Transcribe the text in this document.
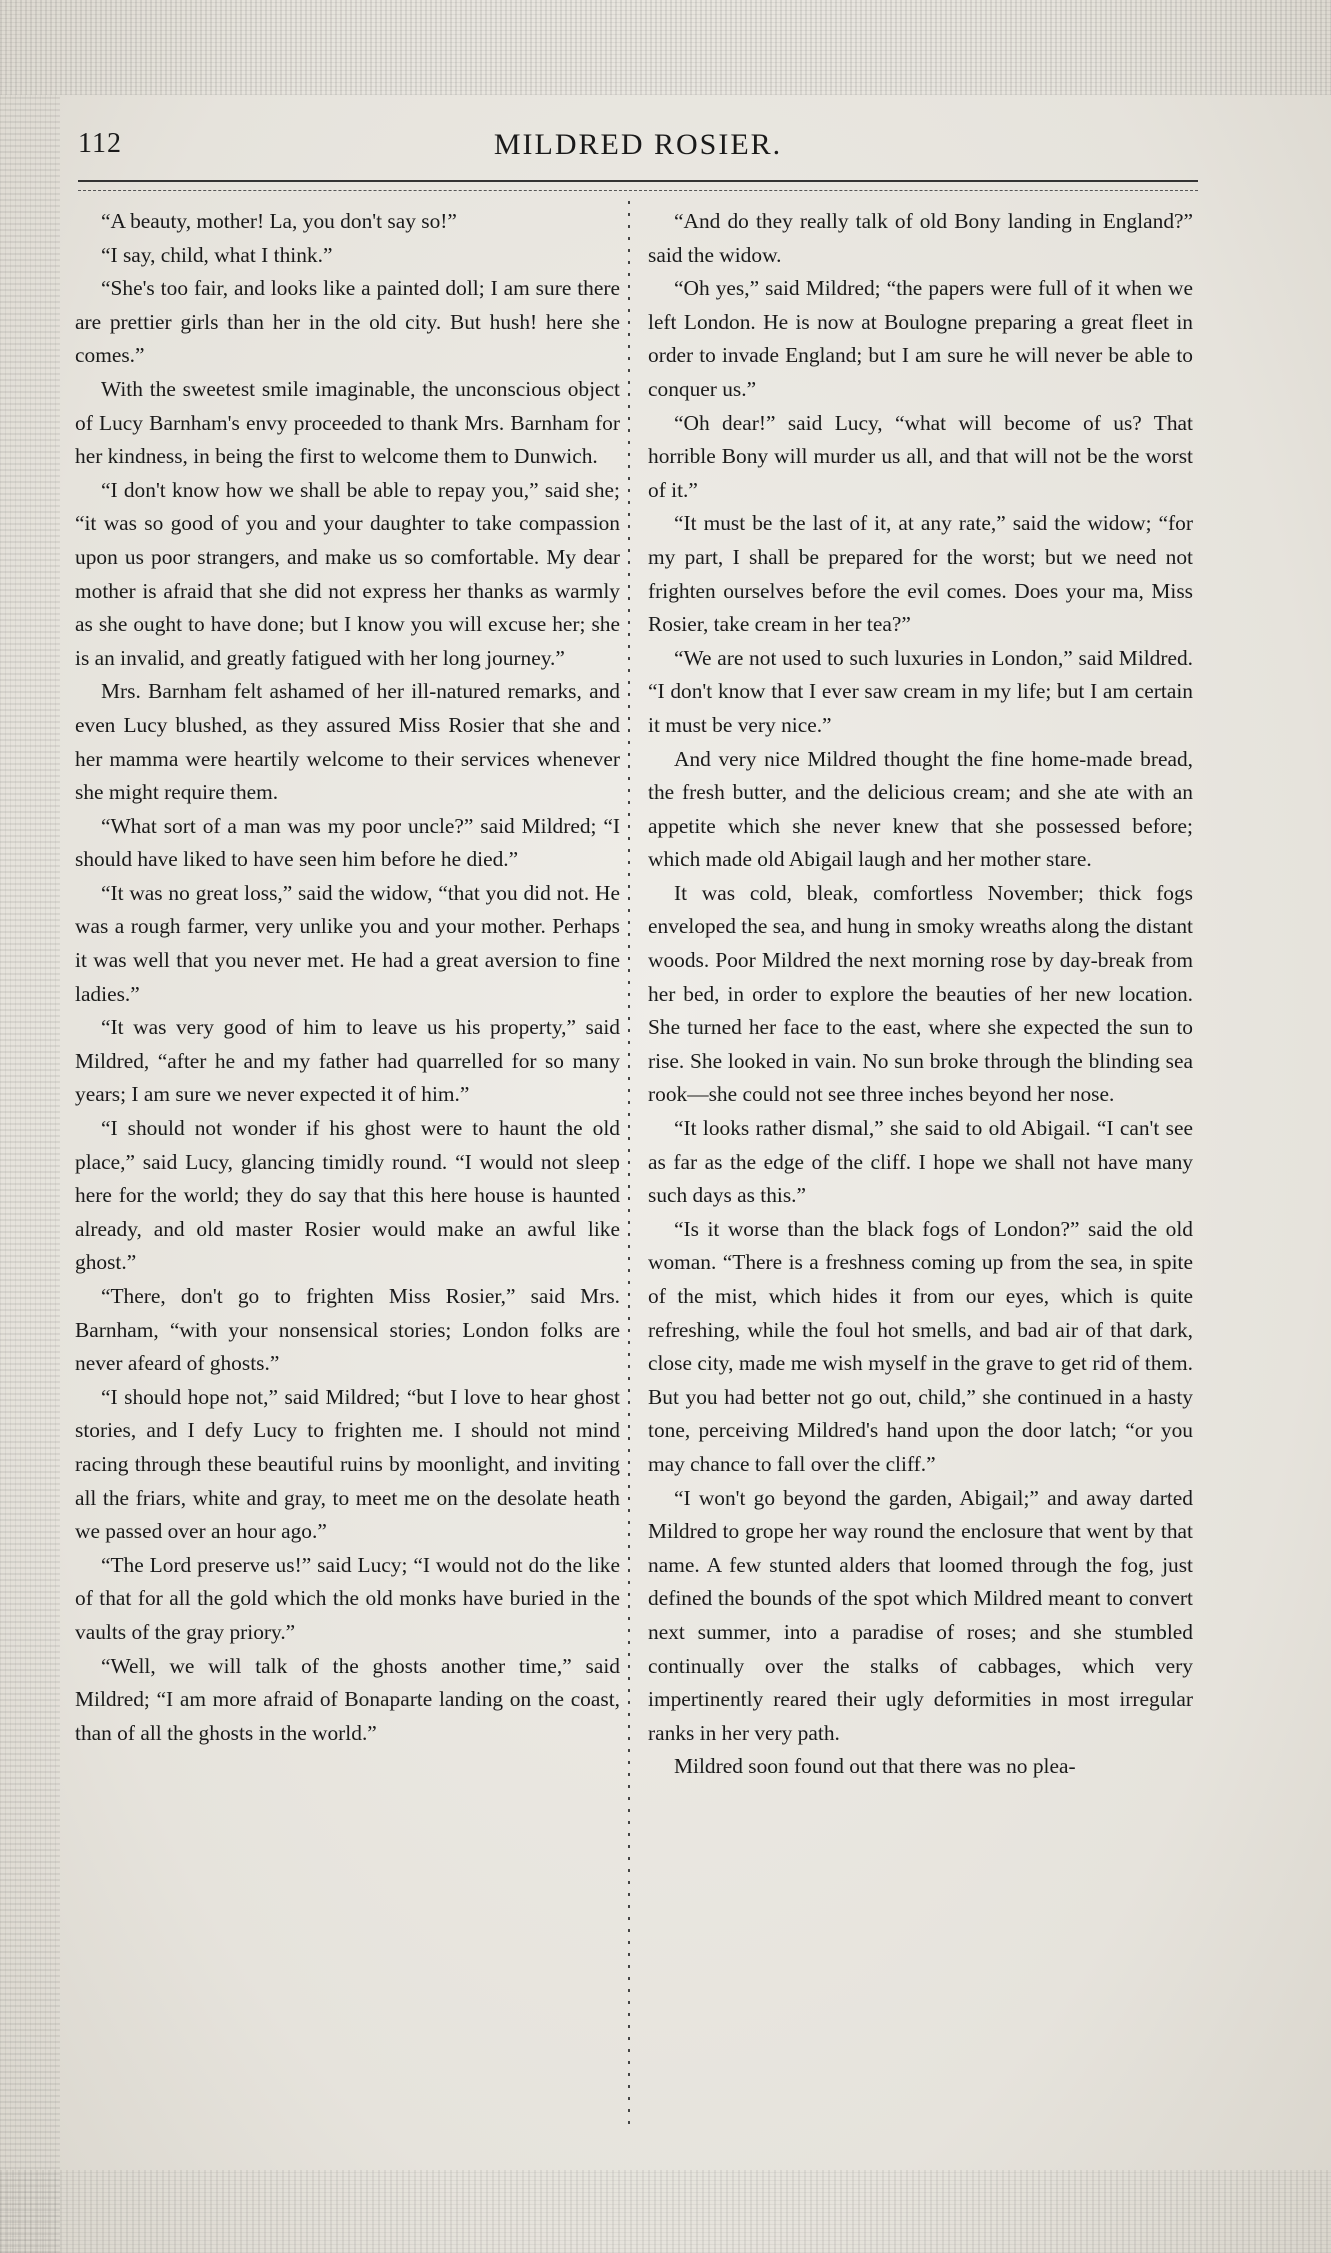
MILDRED ROSIER.
112

“A beauty, mother! La, you don't say so!”

“I say, child, what I think.”

“She's too fair, and looks like a painted doll; I am sure there are prettier girls than her in the old city. But hush! here she comes.”

With the sweetest smile imaginable, the unconscious object of Lucy Barnham's envy proceeded to thank Mrs. Barnham for her kindness, in being the first to welcome them to Dunwich.

“I don't know how we shall be able to repay you,” said she; “it was so good of you and your daughter to take compassion upon us poor strangers, and make us so comfortable. My dear mother is afraid that she did not express her thanks as warmly as she ought to have done; but I know you will excuse her; she is an invalid, and greatly fatigued with her long journey.”

Mrs. Barnham felt ashamed of her ill-natured remarks, and even Lucy blushed, as they assured Miss Rosier that she and her mamma were heartily welcome to their services whenever she might require them.

“What sort of a man was my poor uncle?” said Mildred; “I should have liked to have seen him before he died.”

“It was no great loss,” said the widow, “that you did not. He was a rough farmer, very unlike you and your mother. Perhaps it was well that you never met. He had a great aversion to fine ladies.”

“It was very good of him to leave us his property,” said Mildred, “after he and my father had quarrelled for so many years; I am sure we never expected it of him.”

“I should not wonder if his ghost were to haunt the old place,” said Lucy, glancing timidly round. “I would not sleep here for the world; they do say that this here house is haunted already, and old master Rosier would make an awful like ghost.”

“There, don't go to frighten Miss Rosier,” said Mrs. Barnham, “with your nonsensical stories; London folks are never afeard of ghosts.”

“I should hope not,” said Mildred; “but I love to hear ghost stories, and I defy Lucy to frighten me. I should not mind racing through these beautiful ruins by moonlight, and inviting all the friars, white and gray, to meet me on the desolate heath we passed over an hour ago.”

“The Lord preserve us!” said Lucy; “I would not do the like of that for all the gold which the old monks have buried in the vaults of the gray priory.”

“Well, we will talk of the ghosts another time,” said Mildred; “I am more afraid of Bonaparte landing on the coast, than of all the ghosts in the world.”

“And do they really talk of old Bony landing in England?” said the widow.

“Oh yes,” said Mildred; “the papers were full of it when we left London. He is now at Boulogne preparing a great fleet in order to invade England; but I am sure he will never be able to conquer us.”

“Oh dear!” said Lucy, “what will become of us? That horrible Bony will murder us all, and that will not be the worst of it.”

“It must be the last of it, at any rate,” said the widow; “for my part, I shall be prepared for the worst; but we need not frighten ourselves before the evil comes. Does your ma, Miss Rosier, take cream in her tea?”

“We are not used to such luxuries in London,” said Mildred. “I don't know that I ever saw cream in my life; but I am certain it must be very nice.”

And very nice Mildred thought the fine home-made bread, the fresh butter, and the delicious cream; and she ate with an appetite which she never knew that she possessed before; which made old Abigail laugh and her mother stare.

It was cold, bleak, comfortless November; thick fogs enveloped the sea, and hung in smoky wreaths along the distant woods. Poor Mildred the next morning rose by day-break from her bed, in order to explore the beauties of her new location. She turned her face to the east, where she expected the sun to rise. She looked in vain. No sun broke through the blinding sea rook—she could not see three inches beyond her nose.

“It looks rather dismal,” she said to old Abigail. “I can't see as far as the edge of the cliff. I hope we shall not have many such days as this.”

“Is it worse than the black fogs of London?” said the old woman. “There is a freshness coming up from the sea, in spite of the mist, which hides it from our eyes, which is quite refreshing, while the foul hot smells, and bad air of that dark, close city, made me wish myself in the grave to get rid of them. But you had better not go out, child,” she continued in a hasty tone, perceiving Mildred's hand upon the door latch; “or you may chance to fall over the cliff.”

“I won't go beyond the garden, Abigail;” and away darted Mildred to grope her way round the enclosure that went by that name. A few stunted alders that loomed through the fog, just defined the bounds of the spot which Mildred meant to convert next summer, into a paradise of roses; and she stumbled continually over the stalks of cabbages, which very impertinently reared their ugly deformities in most irregular ranks in her very path.

Mildred soon found out that there was no plea-
